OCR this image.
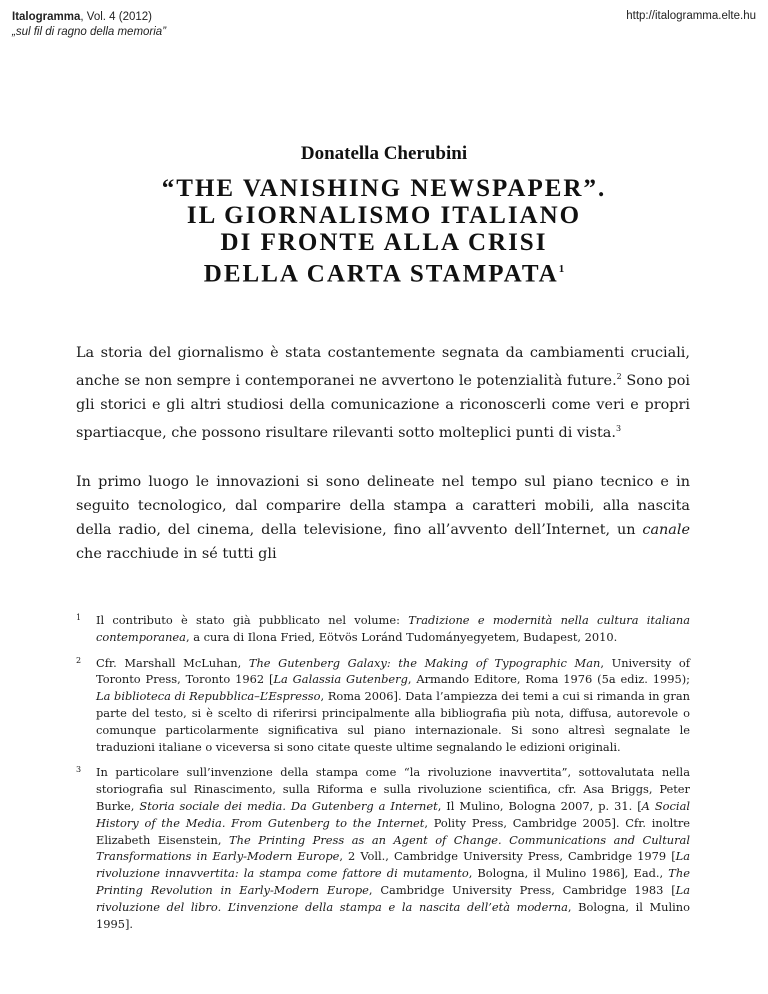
Italogramma, Vol. 4 (2012)
„sul fil di ragno della memoria”
http://italogramma.elte.hu
Donatella Cherubini
“THE VANISHING NEWSPAPER”.
IL GIORNALISMO ITALIANO
DI FRONTE ALLA CRISI
DELLA CARTA STAMPATA$^1$

La storia del giornalismo è stata costantemente segnata da cambiamenti cruciali, anche se non sempre i contemporanei ne avvertono le potenzialità future.$^2$ Sono poi gli storici e gli altri studiosi della comunicazione a riconoscerli come veri e propri spartiacque, che possono risultare rilevanti sotto molteplici punti di vista.$^3$

In primo luogo le innovazioni si sono delineate nel tempo sul piano tecnico e in seguito tecnologico, dal comparire della stampa a caratteri mobili, alla nascita della radio, del cinema, della televisione, fino all’avvento dell’Internet, un canale che racchiude in sé tutti gli

1 Il contributo è stato già pubblicato nel volume: Tradizione e modernità nella cultura italiana contemporanea, a cura di Ilona Fried, Eötvös Loránd Tudományegyetem, Budapest, 2010.
2 Cfr. Marshall McLuhan, The Gutenberg Galaxy: the Making of Typographic Man, University of Toronto Press, Toronto 1962 [La Galassia Gutenberg, Armando Editore, Roma 1976 (5a ediz. 1995); La biblioteca di Repubblica–L’Espresso, Roma 2006]. Data l’ampiezza dei temi a cui si rimanda in gran parte del testo, si è scelto di riferirsi principalmente alla bibliografia più nota, diffusa, autorevole o comunque particolarmente significativa sul piano internazionale. Si sono altresì segnalate le traduzioni italiane o viceversa si sono citate queste ultime segnalando le edizioni originali.
3 In particolare sull’invenzione della stampa come “la rivoluzione inavvertita”, sottovalutata nella storiografia sul Rinascimento, sulla Riforma e sulla rivoluzione scientifica, cfr. Asa Briggs, Peter Burke, Storia sociale dei media. Da Gutenberg a Internet, Il Mulino, Bologna 2007, p. 31. [A Social History of the Media. From Gutenberg to the Internet, Polity Press, Cambridge 2005]. Cfr. inoltre Elizabeth Eisenstein, The Printing Press as an Agent of Change. Communications and Cultural Transformations in Early-Modern Europe, 2 Voll., Cambridge University Press, Cambridge 1979 [La rivoluzione innavvertita: la stampa come fattore di mutamento, Bologna, il Mulino 1986], Ead., The Printing Revolution in Early-Modern Europe, Cambridge University Press, Cambridge 1983 [La rivoluzione del libro. L’invenzione della stampa e la nascita dell’età moderna, Bologna, il Mulino 1995].
